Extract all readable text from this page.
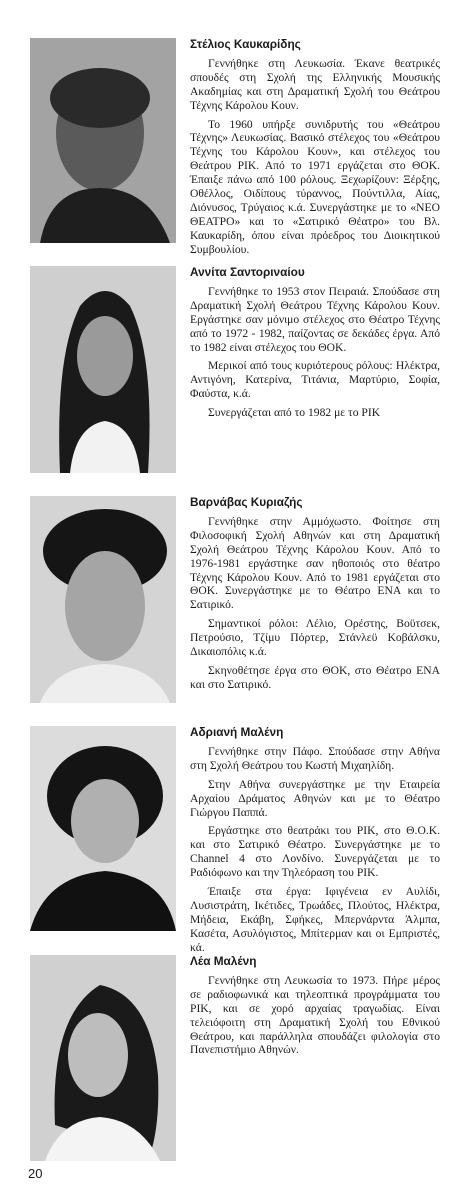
Στέλιος Καυκαρίδης

Γεννήθηκε στη Λευκωσία. Έκανε θεατρικές σπουδές στη Σχολή της Ελληνικής Μουσικής Ακαδημίας και στη Δραματική Σχολή του Θεάτρου Τέχνης Κάρολου Κουν.

Το 1960 υπήρξε συνιδρυτής του «Θεάτρου Τέχνης» Λευκωσίας. Βασικό στέλεχος του «Θεάτρου Τέχνης του Κάρολου Κουν», και στέλεχος του Θεάτρου ΡΙΚ. Από το 1971 εργάζεται στο ΘΟΚ. Έπαιξε πάνω από 100 ρόλους. Ξεχωρίζουν: Ξέρξης, Οθέλλος, Οιδίπους τύραννος, Πούντιλλα, Αίας, Διόνυσος, Τρύγαιος κ.ά. Συνεργάστηκε με το «ΝΕΟ ΘΕΑΤΡΟ» και το «Σατιρικό Θέατρο» του Βλ. Καυκαρίδη, όπου είναι πρόεδρος του Διοικητικού Συμβουλίου.

Αννίτα Σαντοριναίου

Γεννήθηκε το 1953 στον Πειραιά. Σπούδασε στη Δραματική Σχολή Θεάτρου Τέχνης Κάρολου Κουν. Εργάστηκε σαν μόνιμο στέλεχος στο Θέατρο Τέχνης από το 1972 - 1982, παίζοντας σε δεκάδες έργα. Από το 1982 είναι στέλεχος του ΘΟΚ.

Μερικοί από τους κυριότερους ρόλους: Ηλέκτρα, Αντιγόνη, Κατερίνα, Τιτάνια, Μαρτύριο, Σοφία, Φαύστα, κ.ά.

Συνεργάζεται από το 1982 με το ΡΙΚ

Βαρνάβας Κυριαζής

Γεννήθηκε στην Αμμόχωστο. Φοίτησε στη Φιλοσοφική Σχολή Αθηνών και στη Δραματική Σχολή Θεάτρου Τέχνης Κάρολου Κουν. Από το 1976-1981 εργάστηκε σαν ηθοποιός στο θέατρο Τέχνης Κάρολου Κουν. Από το 1981 εργάζεται στο ΘΟΚ. Συνεργάστηκε με το Θέατρο ΕΝΑ και το Σατιρικό.

Σημαντικοί ρόλοι: Λέλιο, Ορέστης, Βοϋτσεκ, Πετρούσιο, Τζίμυ Πόρτερ, Στάνλεϋ Κοβάλσκυ, Δικαιοπόλις κ.ά.

Σκηνοθέτησε έργα στο ΘΟΚ, στο Θέατρο ΕΝΑ και στο Σατιρικό.

Αδριανή Μαλένη

Γεννήθηκε στην Πάφο. Σπούδασε στην Αθήνα στη Σχολή Θεάτρου του Κωστή Μιχαηλίδη.

Στην Αθήνα συνεργάστηκε με την Εταιρεία Αρχαίου Δράματος Αθηνών και με το Θέατρο Γιώργου Παππά.

Εργάστηκε στο θεατράκι του ΡΙΚ, στο Θ.Ο.Κ. και στο Σατιρικό Θέατρο. Συνεργάστηκε με το Channel 4 στο Λονδίνο. Συνεργάζεται με το Ραδιόφωνο και την Τηλεόραση του ΡΙΚ.

Έπαιξε στα έργα: Ιφιγένεια εν Αυλίδι, Λυσιστράτη, Ικέτιδες, Τρωάδες, Πλούτος, Ηλέκτρα, Μήδεια, Εκάβη, Σφήκες, Μπερνάρντα Άλμπα, Κασέτα, Ασυλόγιστος, Μπίτερμαν και οι Εμπριστές, κά.

Λέα Μαλένη

Γεννήθηκε στη Λευκωσία το 1973. Πήρε μέρος σε ραδιοφωνικά και τηλεοπτικά προγράμματα του ΡΙΚ, και σε χορό αρχαίας τραγωδίας. Είναι τελειόφοιτη στη Δραματική Σχολή του Εθνικού Θεάτρου, και παράλληλα σπουδάζει φιλολογία στο Πανεπιστήμιο Αθηνών.

20
